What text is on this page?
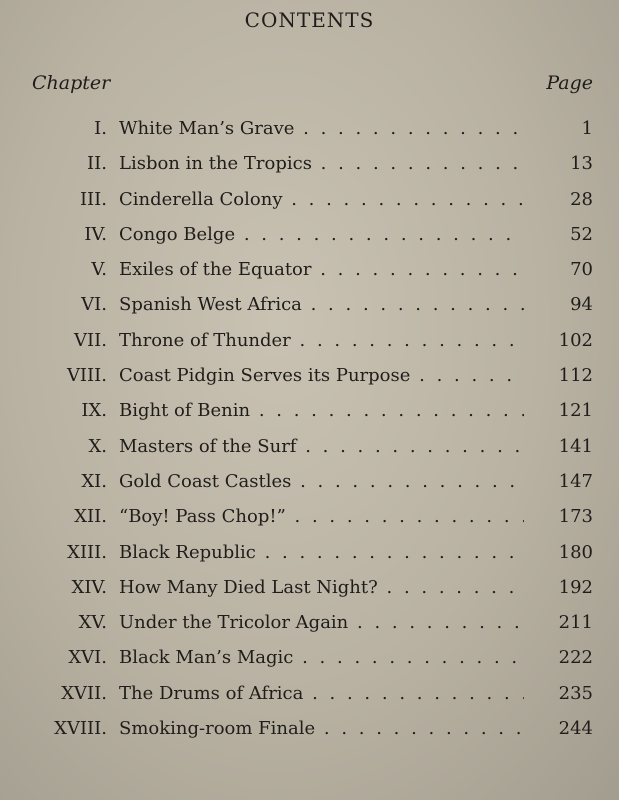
CONTENTS
Chapter	Page
I. White Man’s Grave . .	1
II. Lisbon in the Tropics . .	13
III. Cinderella Colony . .	28
IV. Congo Belge . .	52
V. Exiles of the Equator . .	70
VI. Spanish West Africa . .	94
VII. Throne of Thunder . .	102
VIII. Coast Pidgin Serves its Purpose . .	112
IX. Bight of Benin . .	121
X. Masters of the Surf . .	141
XI. Gold Coast Castles . .	147
XII. “Boy! Pass Chop!” . .	173
XIII. Black Republic . .	180
XIV. How Many Died Last Night? . .	192
XV. Under the Tricolor Again . .	211
XVI. Black Man’s Magic . .	222
XVII. The Drums of Africa . .	235
XVIII. Smoking-room Finale . .	244
